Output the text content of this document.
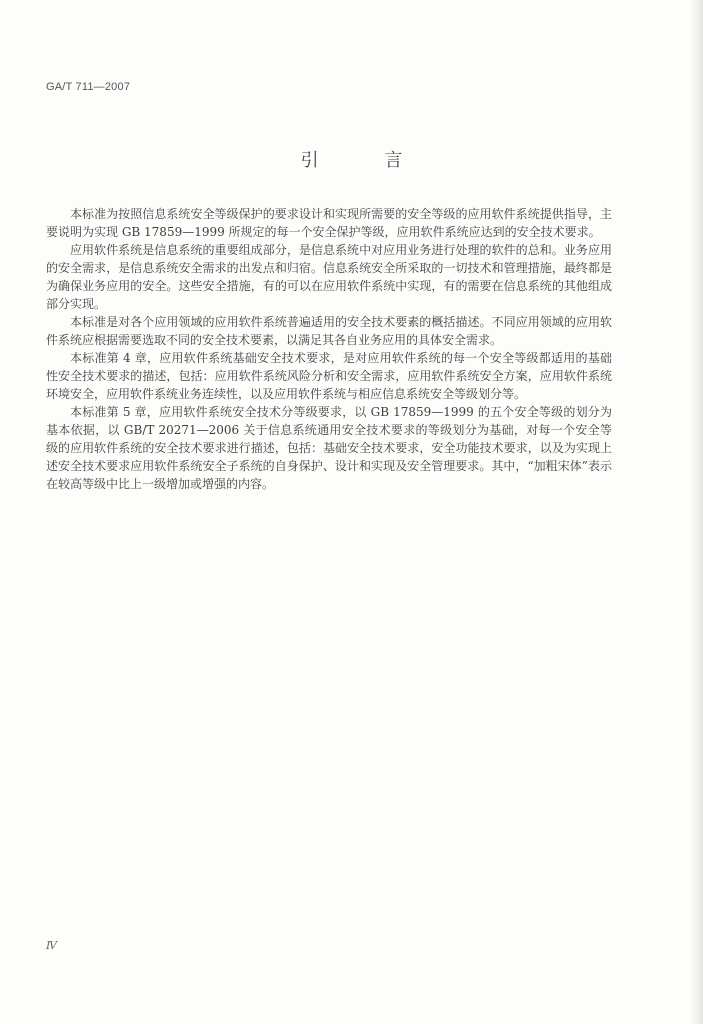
GA/T 711—2007
引 言

本标准为按照信息系统安全等级保护的要求设计和实现所需要的安全等级的应用软件系统提供指导，主要说明为实现 GB 17859—1999 所规定的每一个安全保护等级，应用软件系统应达到的安全技术要求。

应用软件系统是信息系统的重要组成部分，是信息系统中对应用业务进行处理的软件的总和。业务应用的安全需求，是信息系统安全需求的出发点和归宿。信息系统安全所采取的一切技术和管理措施，最终都是为确保业务应用的安全。这些安全措施，有的可以在应用软件系统中实现，有的需要在信息系统的其他组成部分实现。

本标准是对各个应用领域的应用软件系统普遍适用的安全技术要素的概括描述。不同应用领域的应用软件系统应根据需要选取不同的安全技术要素，以满足其各自业务应用的具体安全需求。

本标准第 4 章，应用软件系统基础安全技术要求，是对应用软件系统的每一个安全等级都适用的基础性安全技术要求的描述，包括：应用软件系统风险分析和安全需求，应用软件系统安全方案，应用软件系统环境安全，应用软件系统业务连续性，以及应用软件系统与相应信息系统安全等级划分等。

本标准第 5 章，应用软件系统安全技术分等级要求，以 GB 17859—1999 的五个安全等级的划分为基本依据，以 GB/T 20271—2006 关于信息系统通用安全技术要求的等级划分为基础，对每一个安全等级的应用软件系统的安全技术要求进行描述，包括：基础安全技术要求，安全功能技术要求，以及为实现上述安全技术要求应用软件系统安全子系统的自身保护、设计和实现及安全管理要求。其中，“加粗宋体”表示在较高等级中比上一级增加或增强的内容。

Ⅳ
